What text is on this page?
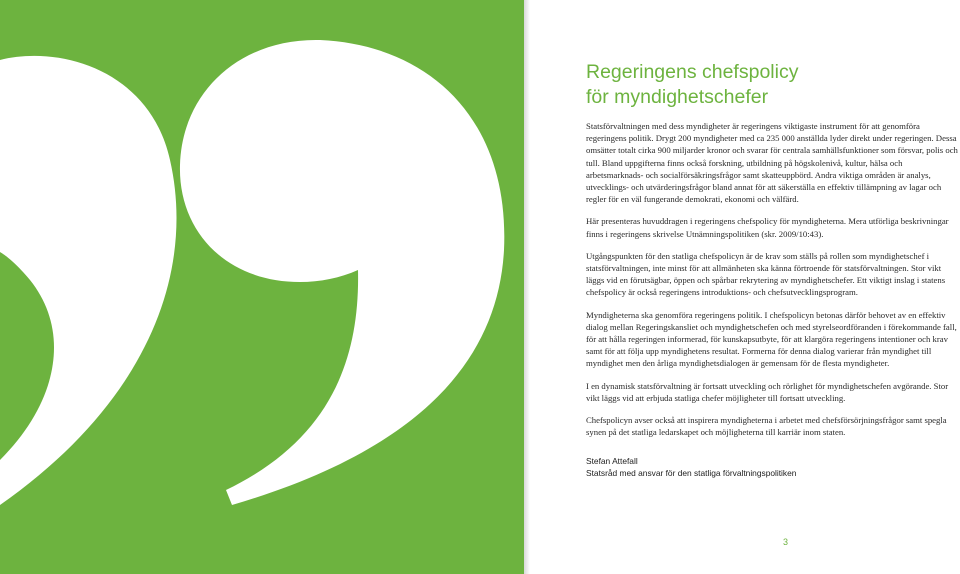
Regeringens chefspolicy
för myndighetschefer

Statsförvaltningen med dess myndigheter är regeringens viktigaste instrument för att genomföra regeringens politik. Drygt 200 myndigheter med ca 235 000 anställda lyder direkt under regeringen. Dessa omsätter totalt cirka 900 miljarder kronor och svarar för centrala samhällsfunktioner som försvar, polis och tull. Bland uppgifterna finns också forskning, utbildning på högskolenivå, kultur, hälsa och arbetsmarknads- och socialförsäkringsfrågor samt skatteuppbörd. Andra viktiga områden är analys, utvecklings- och utvärderingsfrågor bland annat för att säkerställa en effektiv tillämpning av lagar och regler för en väl fungerande demokrati, ekonomi och välfärd.

Här presenteras huvuddragen i regeringens chefspolicy för myndigheterna. Mera utförliga beskrivningar finns i regeringens skrivelse Utnämningspolitiken (skr. 2009/10:43).

Utgångspunkten för den statliga chefspolicyn är de krav som ställs på rollen som myndighetschef i statsförvaltningen, inte minst för att allmänheten ska känna förtroende för statsförvaltningen. Stor vikt läggs vid en förutsägbar, öppen och spårbar rekrytering av myndighetschefer. Ett viktigt inslag i statens chefspolicy är också regeringens introduktions- och chefsutvecklingsprogram.

Myndigheterna ska genomföra regeringens politik. I chefspolicyn betonas därför behovet av en effektiv dialog mellan Regeringskansliet och myndighetschefen och med styrelseordföranden i förekommande fall, för att hålla regeringen informerad, för kunskapsutbyte, för att klargöra regeringens intentioner och krav samt för att följa upp myndighetens resultat. Formerna för denna dialog varierar från myndighet till myndighet men den årliga myndighetsdialogen är gemensam för de flesta myndigheter.

I en dynamisk statsförvaltning är fortsatt utveckling och rörlighet för myndighetschefen avgörande. Stor vikt läggs vid att erbjuda statliga chefer möjligheter till fortsatt utveckling.

Chefspolicyn avser också att inspirera myndigheterna i arbetet med chefsförsörjningsfrågor samt spegla synen på det statliga ledarskapet och möjligheterna till karriär inom staten.

Stefan Attefall
Statsråd med ansvar för den statliga förvaltningspolitiken
3
